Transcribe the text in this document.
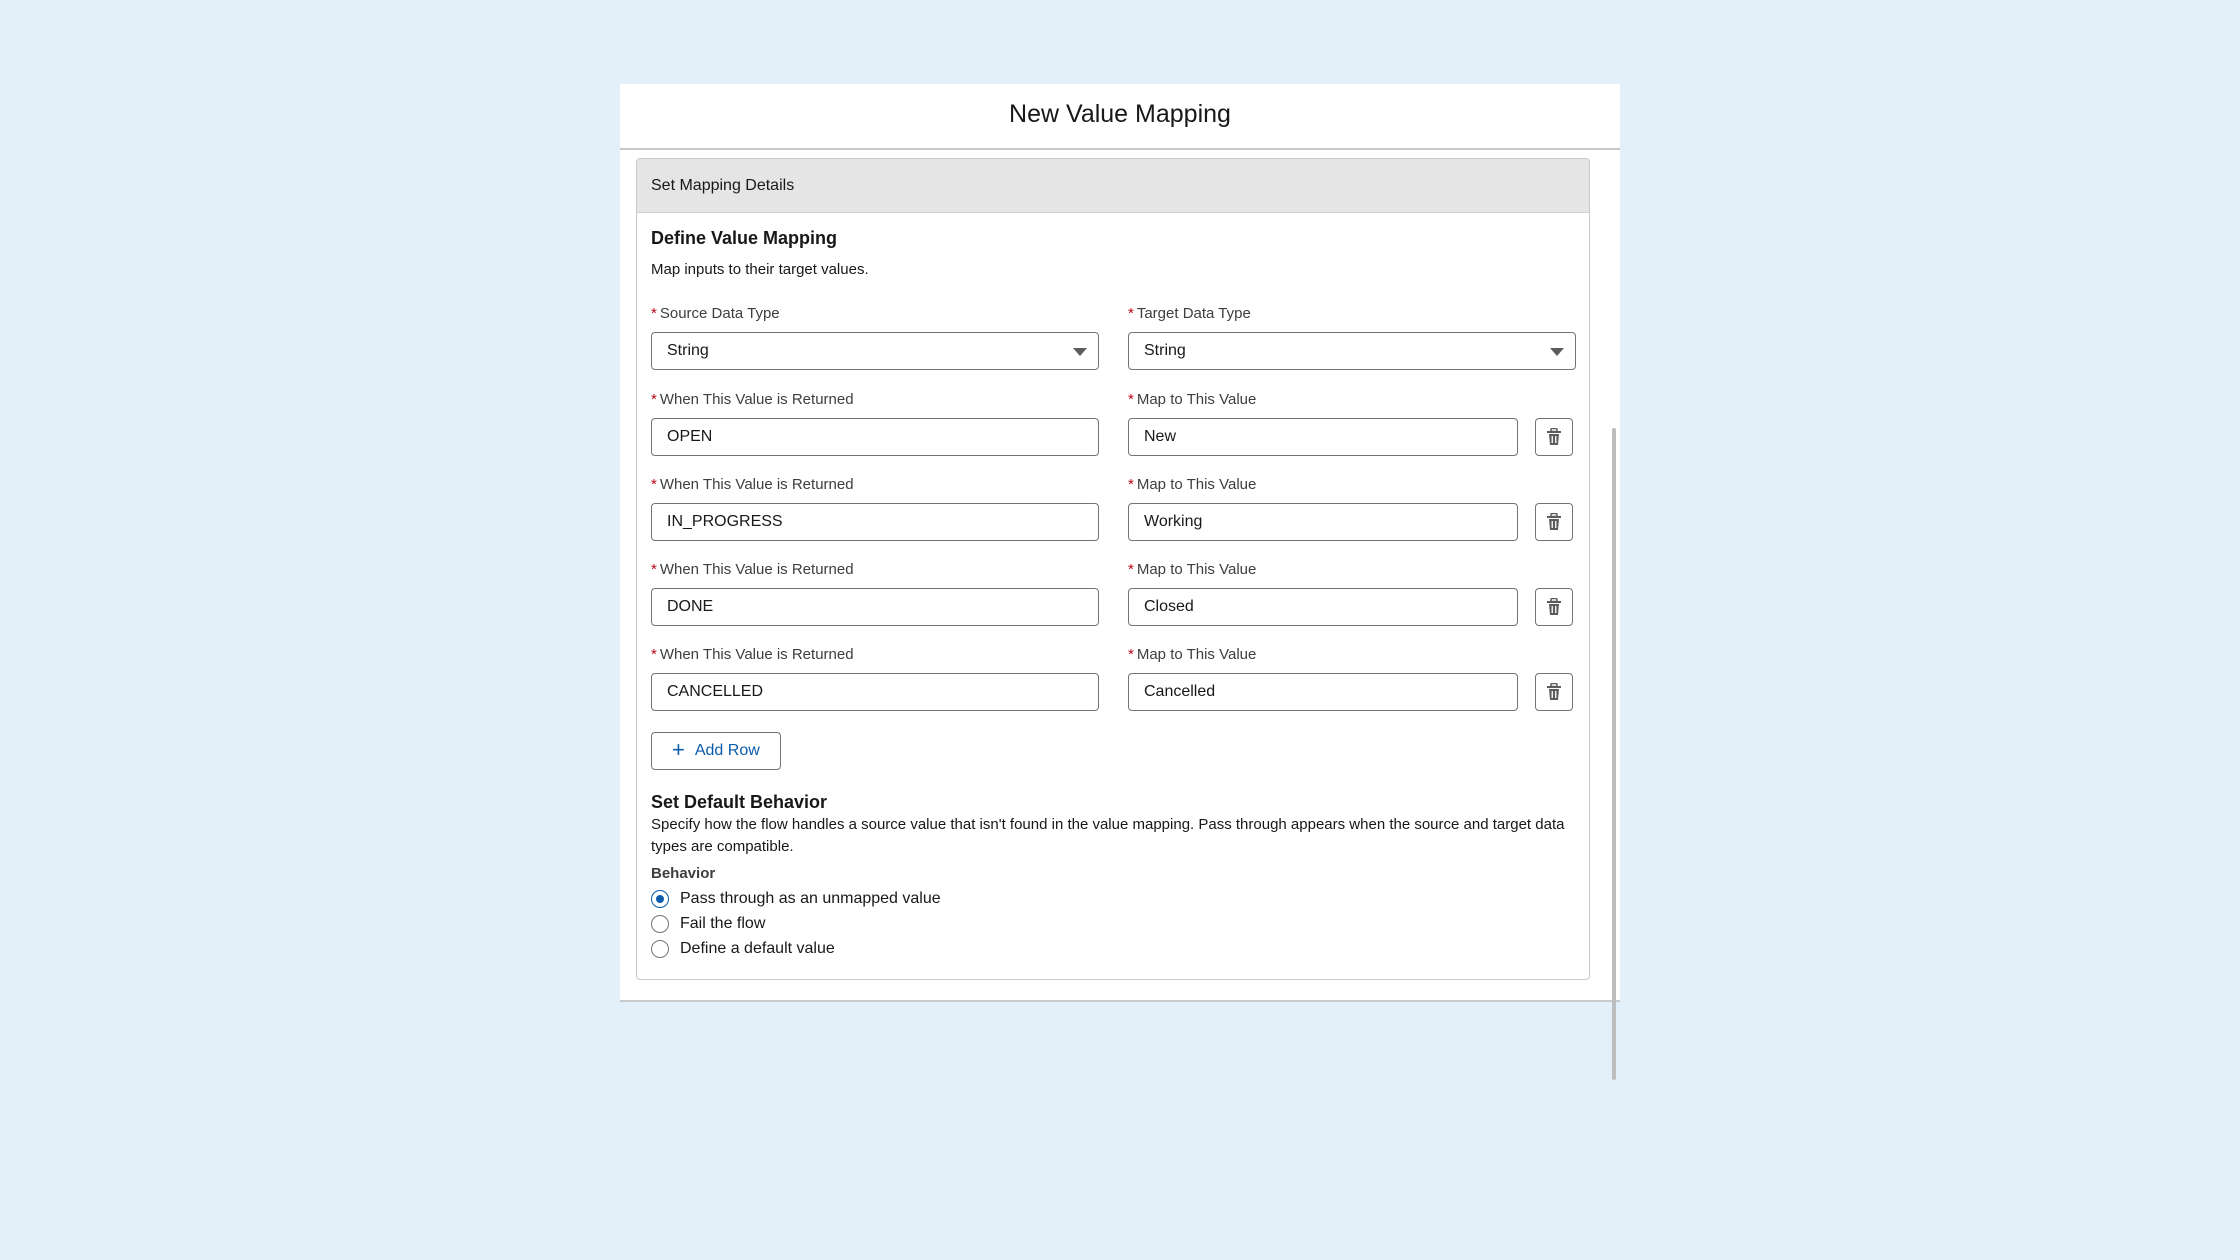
New Value Mapping
Set Mapping Details
Define Value Mapping
Map inputs to their target values.
* Source Data Type
String
* Target Data Type
String
* When This Value is Returned
OPEN
* Map to This Value
New
* When This Value is Returned
IN_PROGRESS
* Map to This Value
Working
* When This Value is Returned
DONE
* Map to This Value
Closed
* When This Value is Returned
CANCELLED
* Map to This Value
Cancelled
+ Add Row
Set Default Behavior
Specify how the flow handles a source value that isn't found in the value mapping. Pass through appears when the source and target data types are compatible.
Behavior
Pass through as an unmapped value
Fail the flow
Define a default value
